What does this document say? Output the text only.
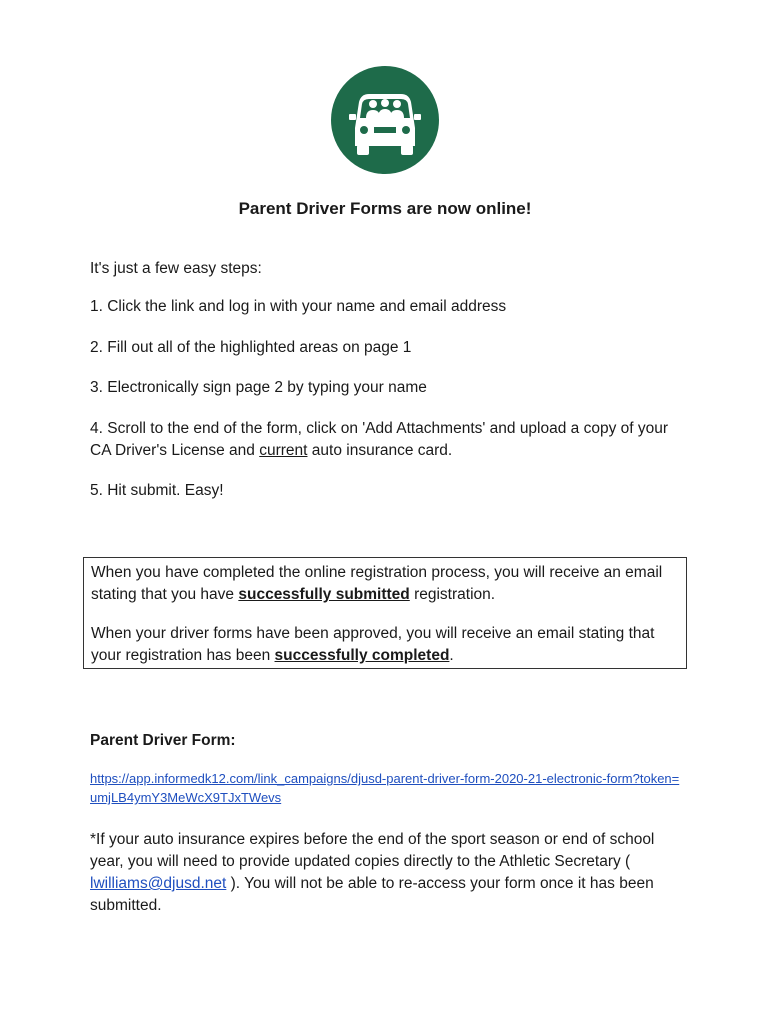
Parent Driver Forms are now online!

It's just a few easy steps:

1. Click the link and log in with your name and email address

2. Fill out all of the highlighted areas on page 1

3. Electronically sign page 2 by typing your name

4. Scroll to the end of the form, click on 'Add Attachments' and upload a copy of your CA Driver's License and current auto insurance card.

5. Hit submit. Easy!

When you have completed the online registration process, you will receive an email stating that you have successfully submitted registration.

When your driver forms have been approved, you will receive an email stating that your registration has been successfully completed.

Parent Driver Form:
https://app.informedk12.com/link_campaigns/djusd-parent-driver-form-2020-21-electronic-form?token=umjLB4ymY3MeWcX9TJxTWevs

*If your auto insurance expires before the end of the sport season or end of school year, you will need to provide updated copies directly to the Athletic Secretary ( lwilliams@djusd.net ). You will not be able to re-access your form once it has been submitted.
